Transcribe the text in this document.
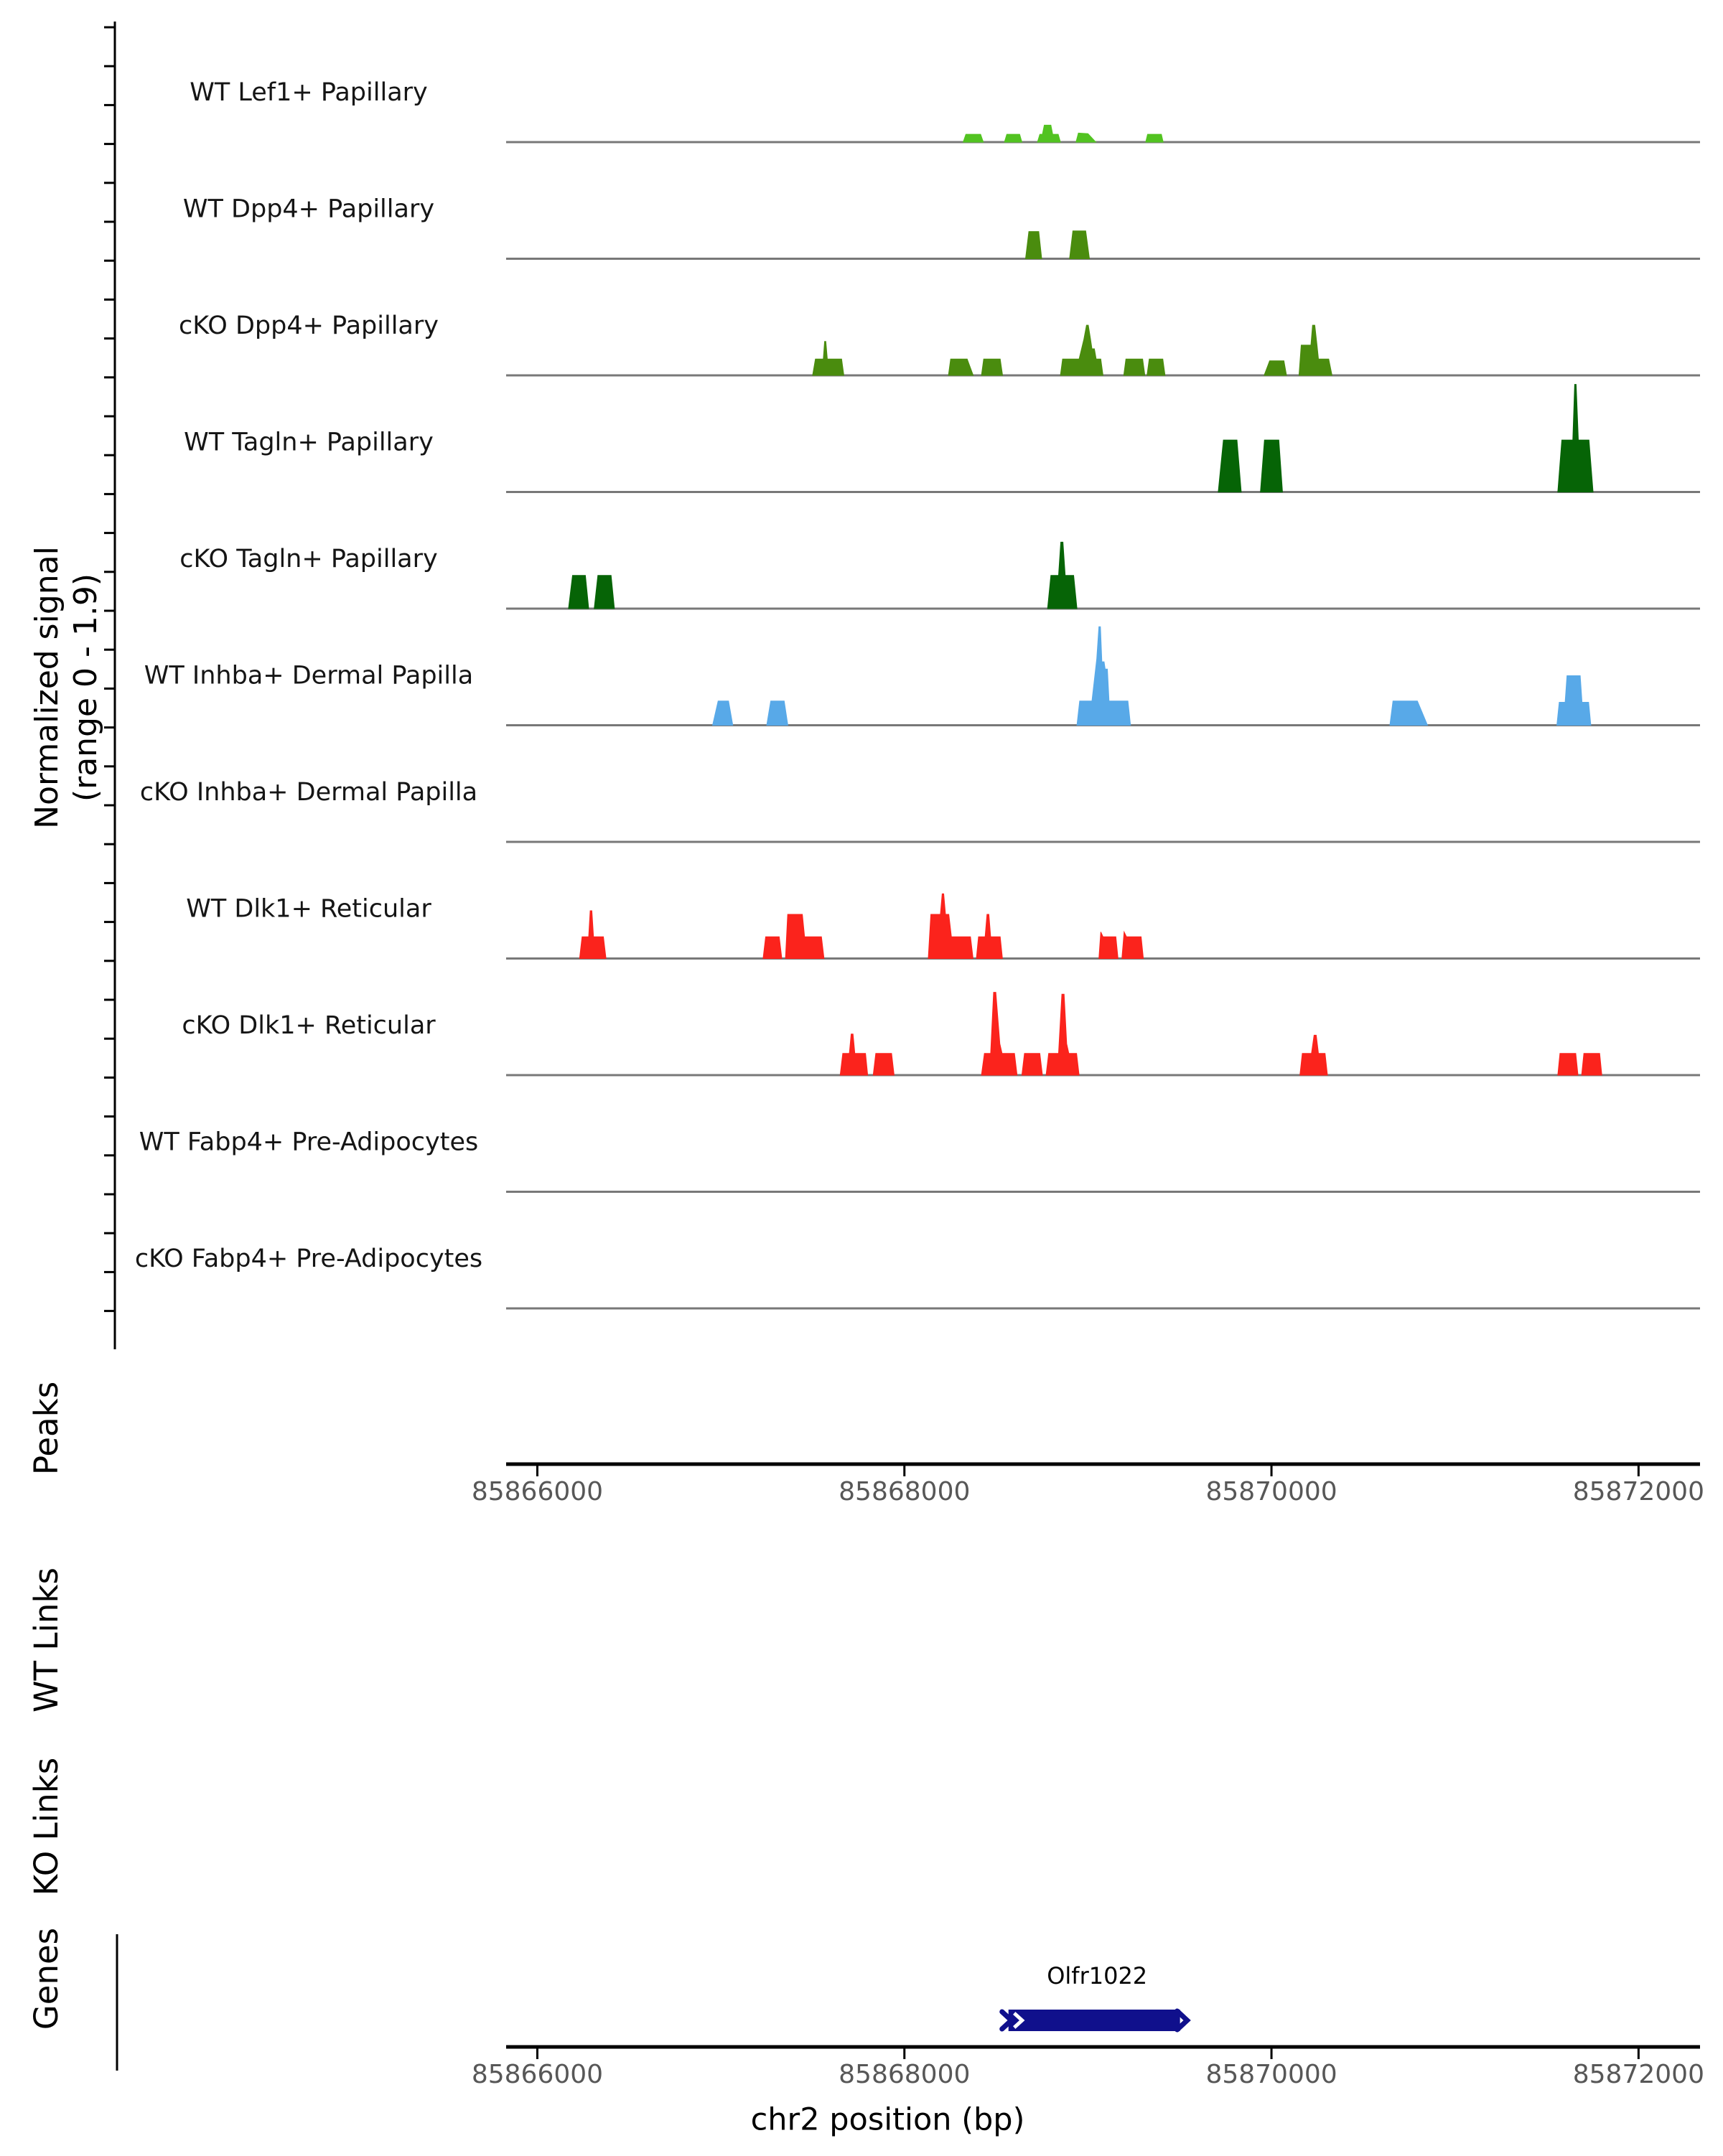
Normalized signal (range 0 - 1.9)
WT Lef1+ Papillary
WT Dpp4+ Papillary
cKO Dpp4+ Papillary
WT Tagln+ Papillary
cKO Tagln+ Papillary
WT Inhba+ Dermal Papilla
cKO Inhba+ Dermal Papilla
WT Dlk1+ Reticular
cKO Dlk1+ Reticular
WT Fabp4+ Pre-Adipocytes
cKO Fabp4+ Pre-Adipocytes
Peaks
WT Links
KO Links
Genes
85866000	85868000	85870000	85872000
Olfr1022
85866000	85868000	85870000	85872000
chr2 position (bp)
